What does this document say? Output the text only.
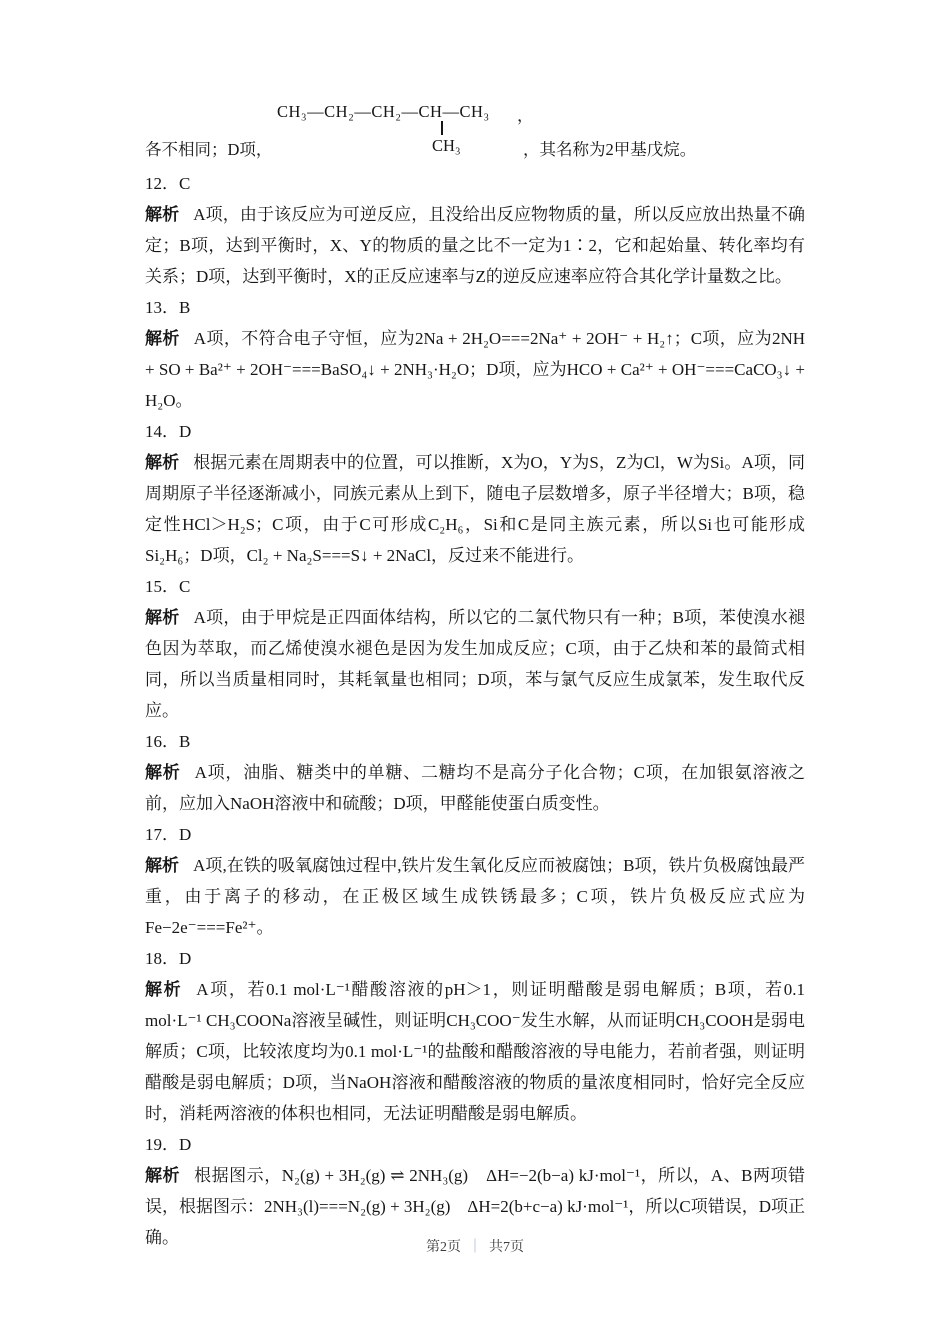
CH₃—CH₂—CH₂—CH—CH₃ ，
各不相同；D项，	CH₃	，其名称为2甲基戊烷。

12．C

解析 A项，由于该反应为可逆反应，且没给出反应物物质的量，所以反应放出热量不确定；B项，达到平衡时，X、Y的物质的量之比不一定为1∶2，它和起始量、转化率均有关系；D项，达到平衡时，X的正反应速率与Z的逆反应速率应符合其化学计量数之比。

13．B

解析 A项，不符合电子守恒，应为2Na + 2H₂O===2Na⁺ + 2OH⁻ + H₂↑；C项，应为2NH + SO + Ba²⁺ + 2OH⁻===BaSO₄↓ + 2NH₃·H₂O；D项，应为HCO + Ca²⁺ + OH⁻===CaCO₃↓ + H₂O。

14．D

解析 根据元素在周期表中的位置，可以推断，X为O，Y为S，Z为Cl，W为Si。A项，同周期原子半径逐渐减小，同族元素从上到下，随电子层数增多，原子半径增大；B项，稳定性HCl＞H₂S；C项，由于C可形成C₂H₆，Si和C是同主族元素，所以Si也可能形成Si₂H₆；D项，Cl₂ + Na₂S===S↓ + 2NaCl，反过来不能进行。

15．C

解析 A项，由于甲烷是正四面体结构，所以它的二氯代物只有一种；B项，苯使溴水褪色因为萃取，而乙烯使溴水褪色是因为发生加成反应；C项，由于乙炔和苯的最简式相同，所以当质量相同时，其耗氧量也相同；D项，苯与氯气反应生成氯苯，发生取代反应。

16．B

解析 A项，油脂、糖类中的单糖、二糖均不是高分子化合物；C项，在加银氨溶液之前，应加入NaOH溶液中和硫酸；D项，甲醛能使蛋白质变性。

17．D

解析 A项,在铁的吸氧腐蚀过程中,铁片发生氧化反应而被腐蚀；B项，铁片负极腐蚀最严重，由于离子的移动，在正极区域生成铁锈最多；C项，铁片负极反应式应为 Fe−2e⁻===Fe²⁺。

18．D

解析 A项，若0.1 mol·L⁻¹醋酸溶液的pH＞1，则证明醋酸是弱电解质；B项，若0.1 mol·L⁻¹ CH₃COONa溶液呈碱性，则证明CH₃COO⁻发生水解，从而证明CH₃COOH是弱电解质；C项，比较浓度均为0.1 mol·L⁻¹的盐酸和醋酸溶液的导电能力，若前者强，则证明醋酸是弱电解质；D项，当NaOH溶液和醋酸溶液的物质的量浓度相同时，恰好完全反应时，消耗两溶液的体积也相同，无法证明醋酸是弱电解质。

19．D

解析 根据图示，N₂(g) + 3H₂(g) ⇌ 2NH₃(g)　ΔH=−2(b−a) kJ·mol⁻¹，所以，A、B两项错误，根据图示：2NH₃(l)===N₂(g) + 3H₂(g)　ΔH=2(b+c−a) kJ·mol⁻¹，所以C项错误，D项正确。

第2页 ｜ 共7页
